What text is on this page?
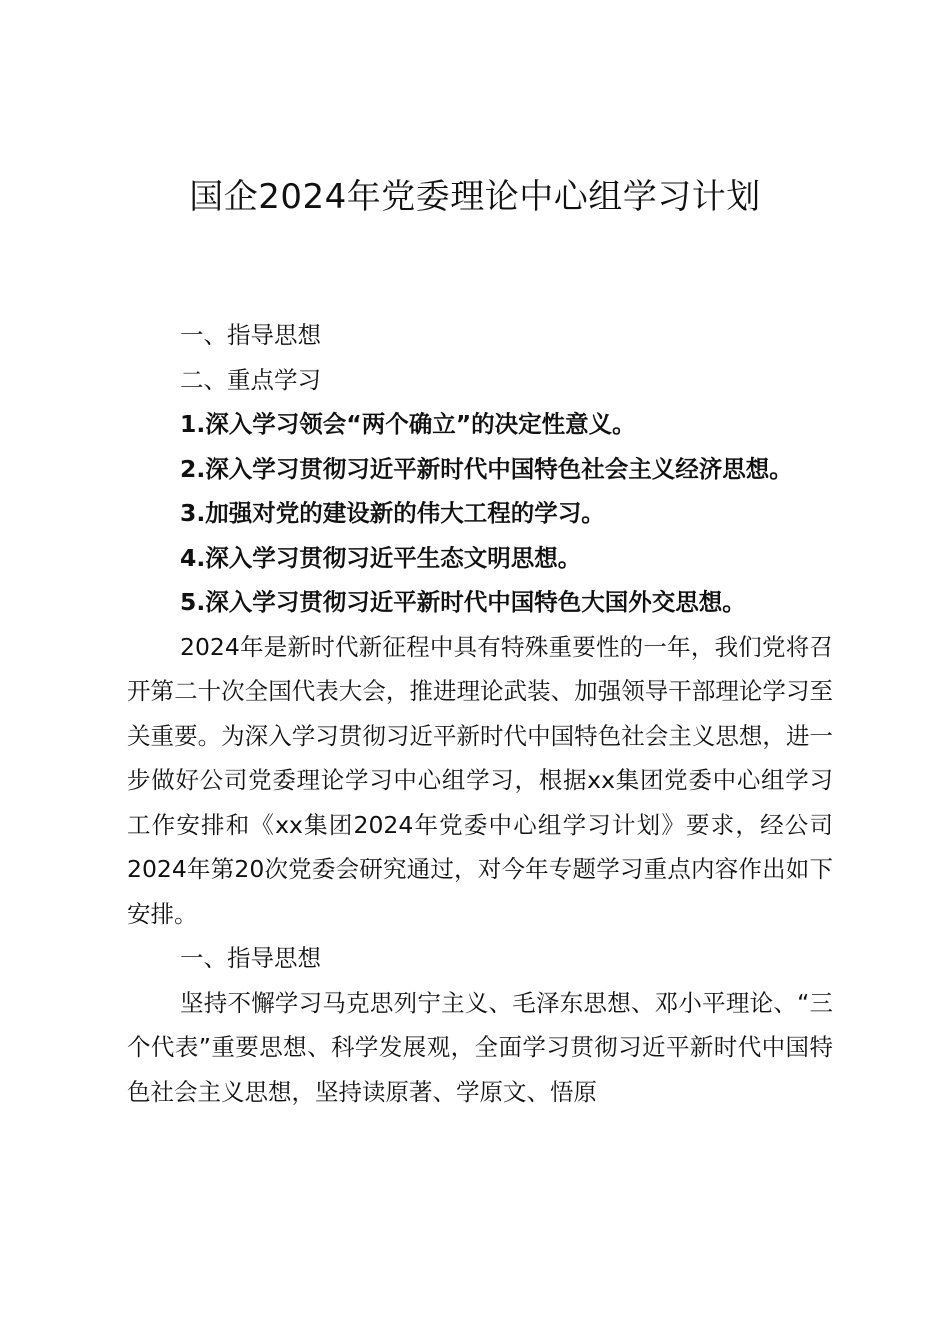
国企2024年党委理论中心组学习计划

一、指导思想

二、重点学习

1.深入学习领会“两个确立”的决定性意义。

2.深入学习贯彻习近平新时代中国特色社会主义经济思想。

3.加强对党的建设新的伟大工程的学习。

4.深入学习贯彻习近平生态文明思想。

5.深入学习贯彻习近平新时代中国特色大国外交思想。

2024年是新时代新征程中具有特殊重要性的一年，我们党将召开第二十次全国代表大会，推进理论武装、加强领导干部理论学习至关重要。为深入学习贯彻习近平新时代中国特色社会主义思想，进一步做好公司党委理论学习中心组学习，根据xx集团党委中心组学习工作安排和《xx集团2024年党委中心组学习计划》要求，经公司2024年第20次党委会研究通过，对今年专题学习重点内容作出如下安排。

一、指导思想

坚持不懈学习马克思列宁主义、毛泽东思想、邓小平理论、“三个代表”重要思想、科学发展观，全面学习贯彻习近平新时代中国特色社会主义思想，坚持读原著、学原文、悟原
